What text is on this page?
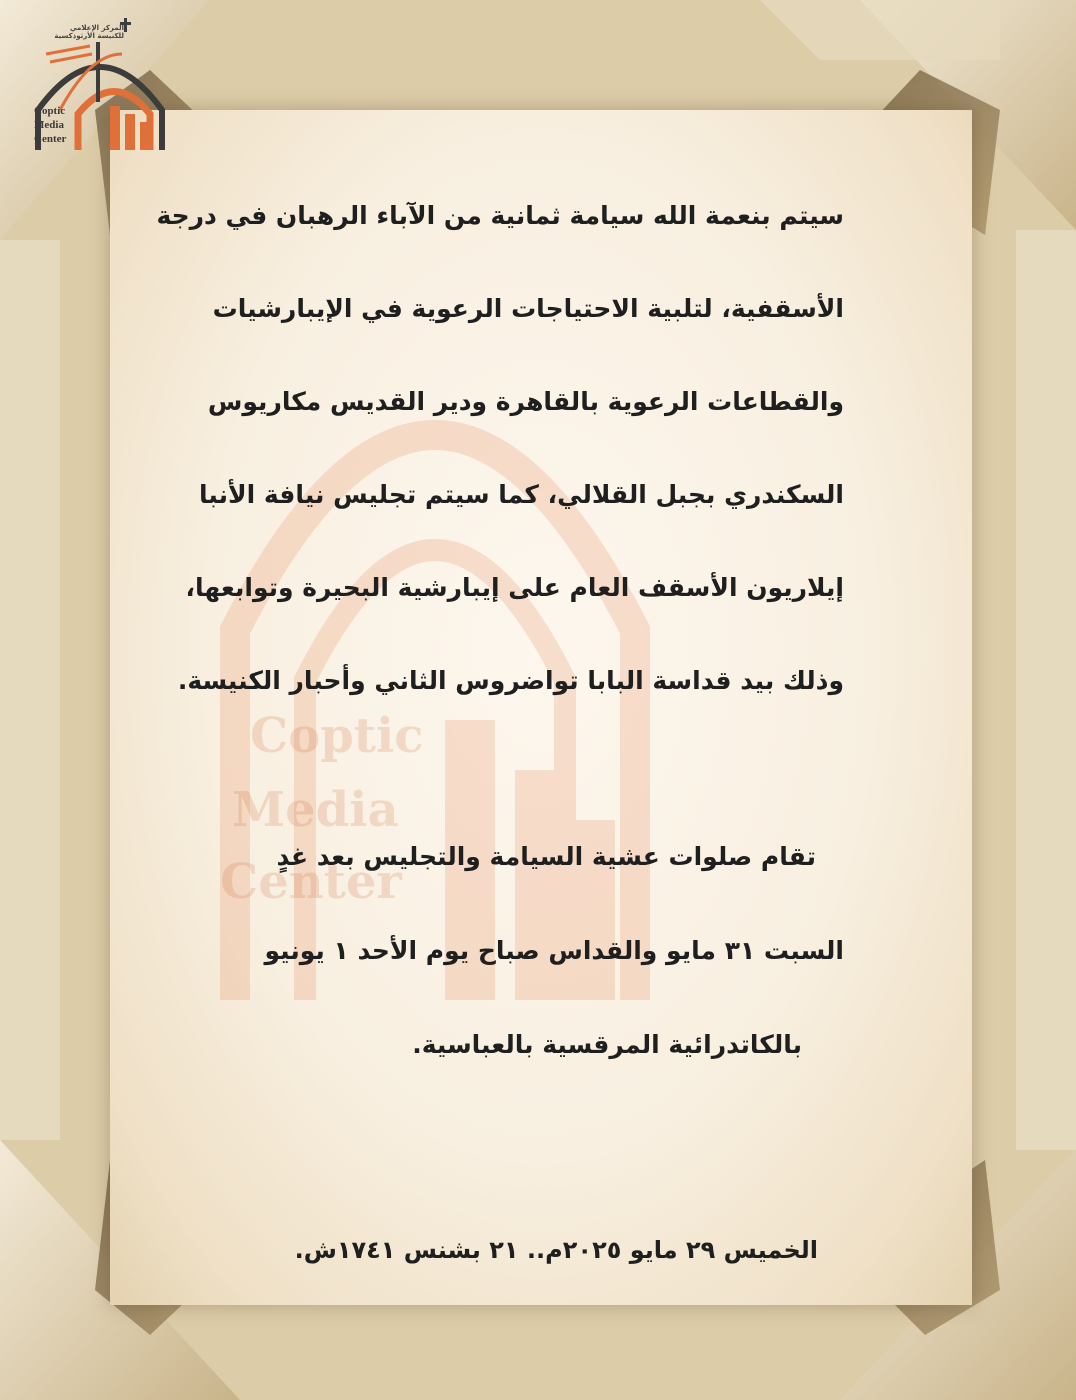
Coptic
Media
Center
المركز الإعلامي للكنيسة الأرثوذكسية
Coptic
Media
Center

سيتم بنعمة الله سيامة ثمانية من الآباء الرهبان في درجة

الأسقفية، لتلبية الاحتياجات الرعوية في الإيبارشيات

والقطاعات الرعوية بالقاهرة ودير القديس مكاريوس

السكندري بجبل القلالي، كما سيتم تجليس نيافة الأنبا

إيلاريون الأسقف العام على إيبارشية البحيرة وتوابعها،

وذلك بيد قداسة البابا تواضروس الثاني وأحبار الكنيسة.

تقام صلوات عشية السيامة والتجليس بعد غدٍ

السبت ٣١ مايو والقداس صباح يوم الأحد ١ يونيو

بالكاتدرائية المرقسية بالعباسية.

الخميس ٢٩ مايو ٢٠٢٥م.. ٢١ بشنس ١٧٤١ش.
